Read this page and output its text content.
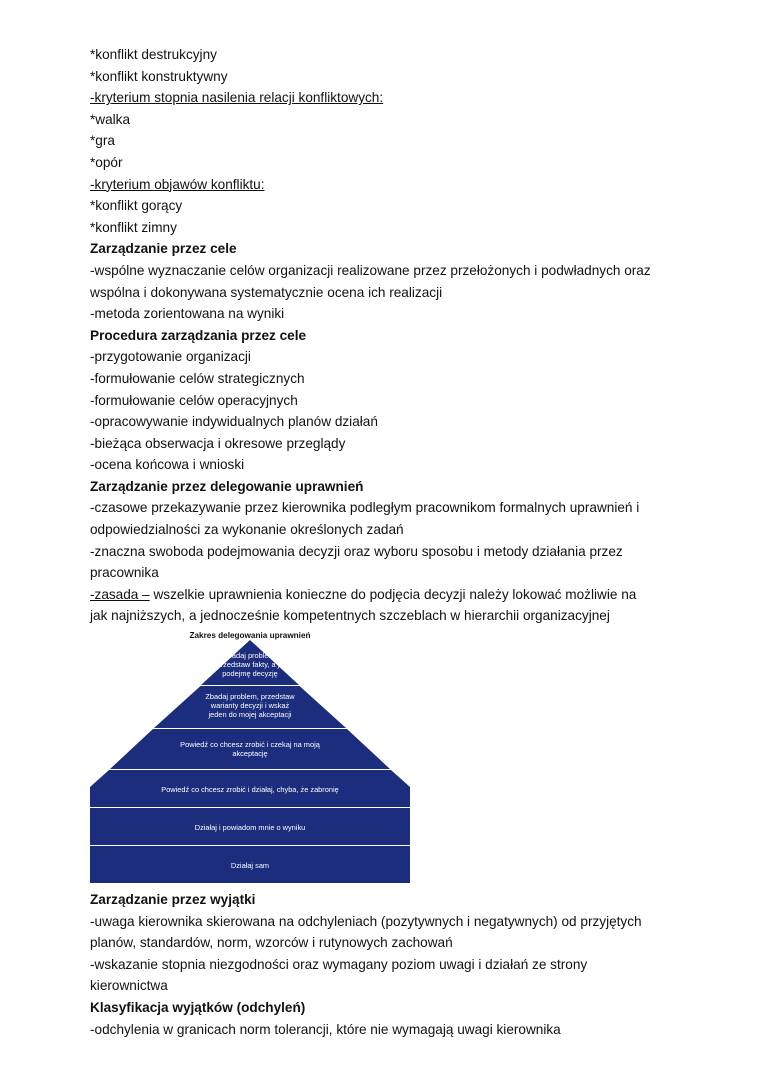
*konflikt destrukcyjny
*konflikt konstruktywny
-kryterium stopnia nasilenia relacji konfliktowych:
*walka
*gra
*opór
-kryterium objawów konfliktu:
*konflikt gorący
*konflikt zimny
Zarządzanie przez cele
-wspólne wyznaczanie celów organizacji realizowane przez przełożonych i podwładnych oraz
wspólna i dokonywana systematycznie ocena ich realizacji
-metoda zorientowana na wyniki
Procedura zarządzania przez cele
-przygotowanie organizacji
-formułowanie celów strategicznych
-formułowanie celów operacyjnych
-opracowywanie indywidualnych planów działań
-bieżąca obserwacja i okresowe przeglądy
-ocena końcowa i wnioski
Zarządzanie przez delegowanie uprawnień
-czasowe przekazywanie przez kierownika podległym pracownikom formalnych uprawnień i
odpowiedzialności za wykonanie określonych zadań
-znaczna swoboda podejmowania decyzji oraz wyboru sposobu i metody działania przez
pracownika
-zasada – wszelkie uprawnienia konieczne do podjęcia decyzji należy lokować możliwie na
jak najniższych, a jednocześnie kompetentnych szczeblach w hierarchii organizacyjnej
Zakres delegowania uprawnień
Zbadaj problem,
przedstaw fakty, a ja
podejmę decyzję
Zbadaj problem, przedstaw
warianty decyzji i wskaż
jeden do mojej akceptacji
Powiedź co chcesz zrobić i czekaj na moją
akceptację
Powiedź co chcesz zrobić i działaj, chyba, że zabronię
Działaj i powiadom mnie o wyniku
Działaj sam
Zarządzanie przez wyjątki
-uwaga kierownika skierowana na odchyleniach (pozytywnych i negatywnych) od przyjętych
planów, standardów, norm, wzorców i rutynowych zachowań
-wskazanie stopnia niezgodności oraz wymagany poziom uwagi i działań ze strony
kierownictwa
Klasyfikacja wyjątków (odchyleń)
-odchylenia w granicach norm tolerancji, które nie wymagają uwagi kierownika
